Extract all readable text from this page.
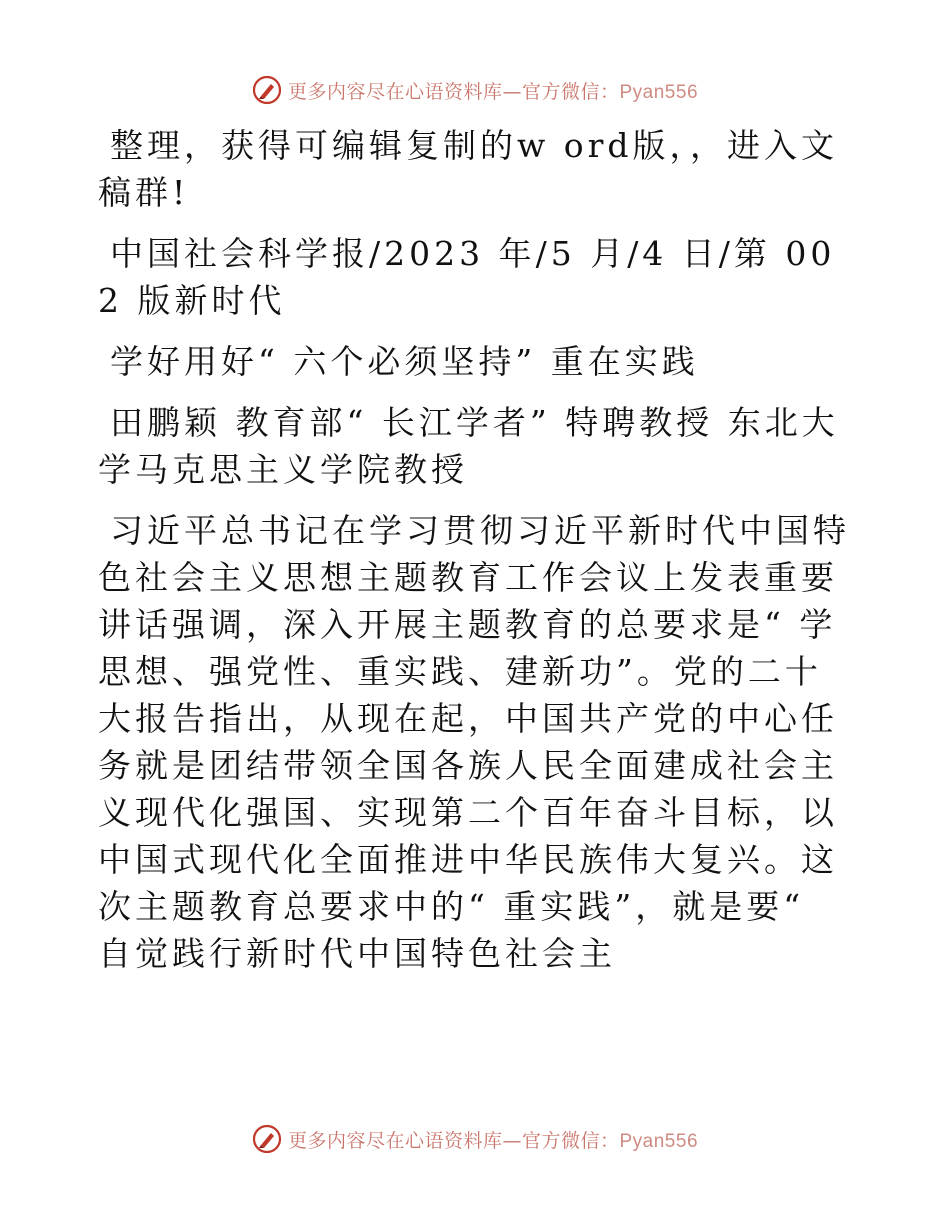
更多内容尽在心语资料库—官方微信：Pyan556

整理，获得可编辑复制的w ord版，，进入文稿群!

中国社会科学报/2023 年/5 月/4 日/第 002 版新时代

学好用好“ 六个必须坚持” 重在实践

田鹏颖 教育部“ 长江学者” 特聘教授 东北大学马克思主义学院教授

习近平总书记在学习贯彻习近平新时代中国特色社会主义思想主题教育工作会议上发表重要讲话强调，深入开展主题教育的总要求是“ 学思想、强党性、重实践、建新功”。党的二十大报告指出，从现在起，中国共产党的中心任务就是团结带领全国各族人民全面建成社会主义现代化强国、实现第二个百年奋斗目标，以中国式现代化全面推进中华民族伟大复兴。这次主题教育总要求中的“ 重实践”，就是要“ 自觉践行新时代中国特色社会主

更多内容尽在心语资料库—官方微信：Pyan556
